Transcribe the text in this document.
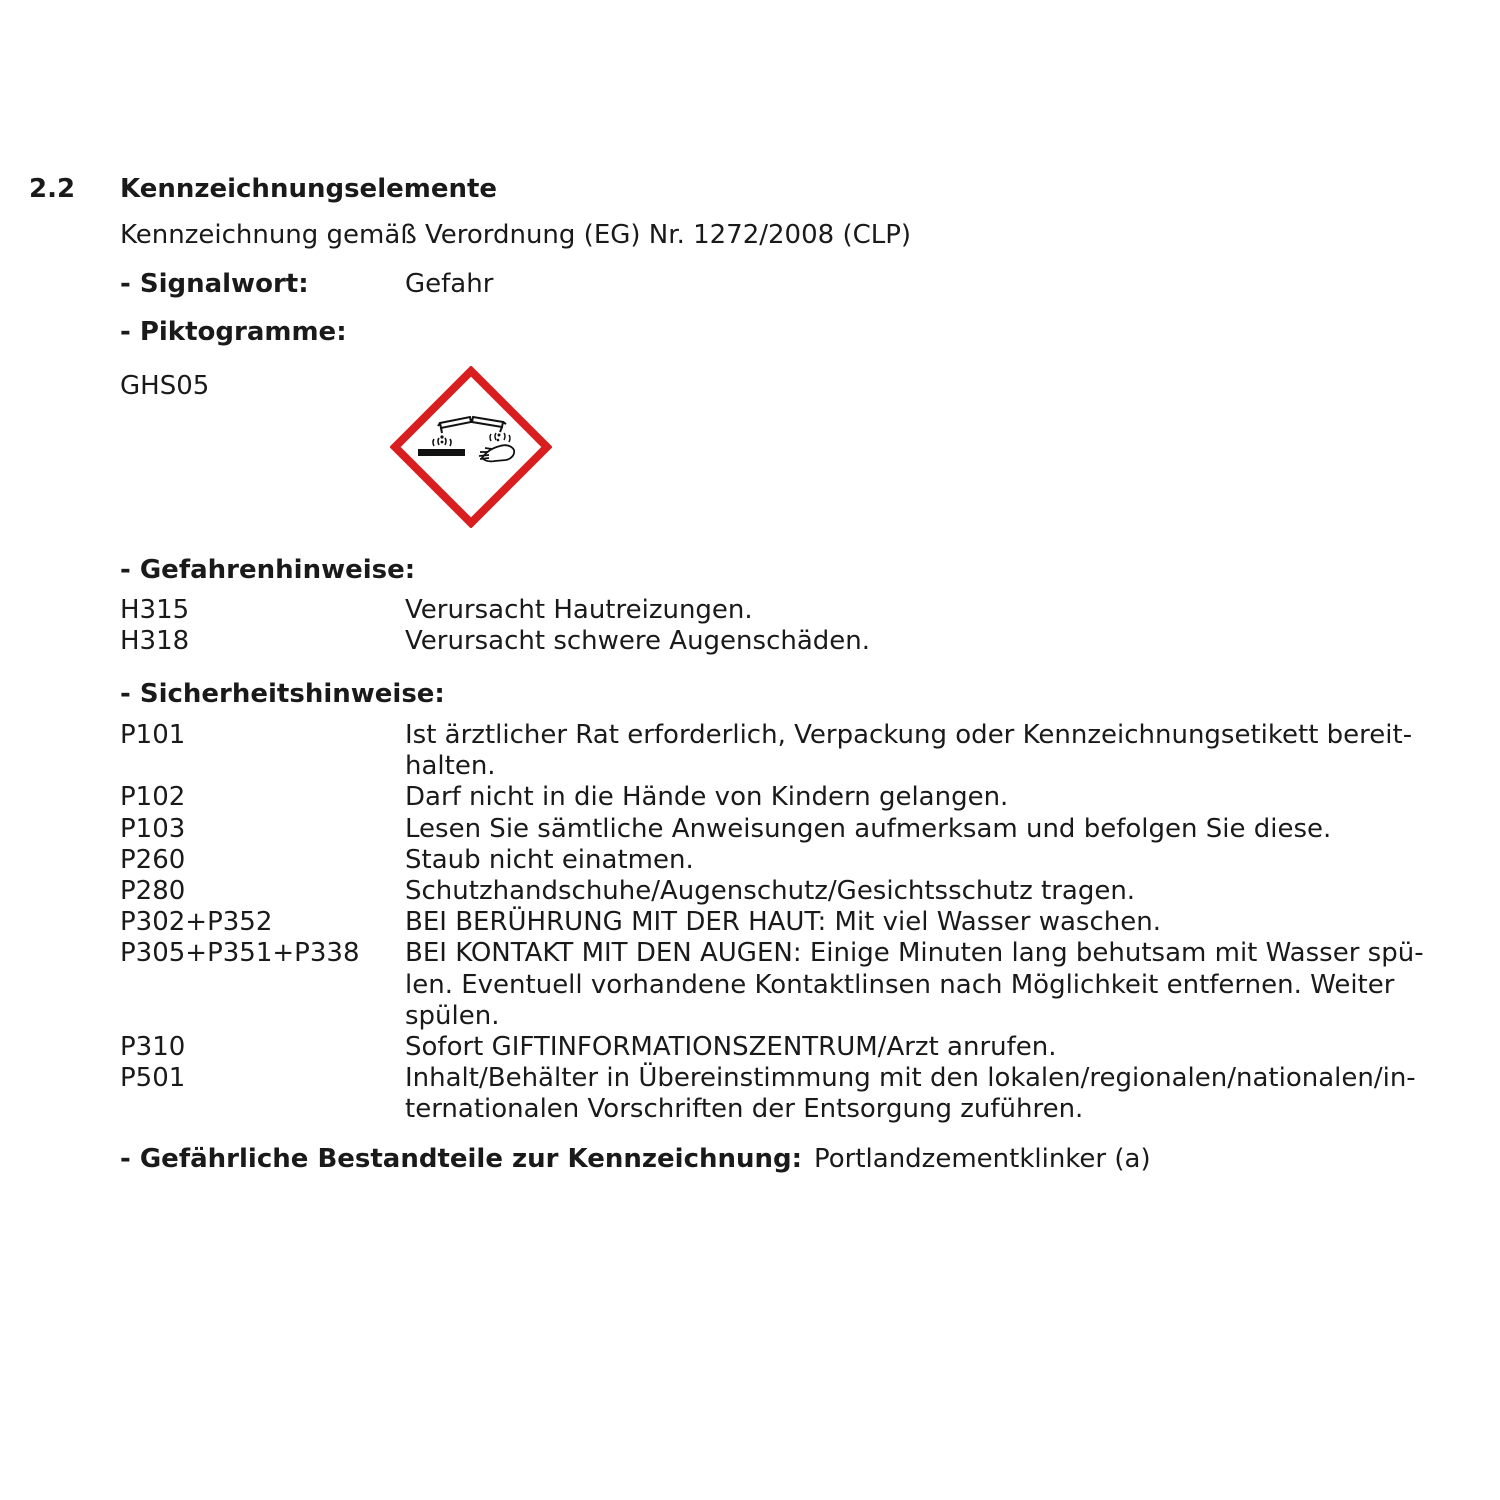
2.2 Kennzeichnungselemente
Kennzeichnung gemäß Verordnung (EG) Nr. 1272/2008 (CLP)
- Signalwort:	Gefahr
- Piktogramme:
GHS05
- Gefahrenhinweise:
H315	Verursacht Hautreizungen.
H318	Verursacht schwere Augenschäden.
- Sicherheitshinweise:
P101	Ist ärztlicher Rat erforderlich, Verpackung oder Kennzeichnungsetikett bereit-
halten.
P102	Darf nicht in die Hände von Kindern gelangen.
P103	Lesen Sie sämtliche Anweisungen aufmerksam und befolgen Sie diese.
P260	Staub nicht einatmen.
P280	Schutzhandschuhe/Augenschutz/Gesichtsschutz tragen.
P302+P352	BEI BERÜHRUNG MIT DER HAUT: Mit viel Wasser waschen.
P305+P351+P338	BEI KONTAKT MIT DEN AUGEN: Einige Minuten lang behutsam mit Wasser spü-
len. Eventuell vorhandene Kontaktlinsen nach Möglichkeit entfernen. Weiter
spülen.
P310	Sofort GIFTINFORMATIONSZENTRUM/Arzt anrufen.
P501	Inhalt/Behälter in Übereinstimmung mit den lokalen/regionalen/nationalen/in-
ternationalen Vorschriften der Entsorgung zuführen.
- Gefährliche Bestandteile zur Kennzeichnung: Portlandzementklinker (a)
